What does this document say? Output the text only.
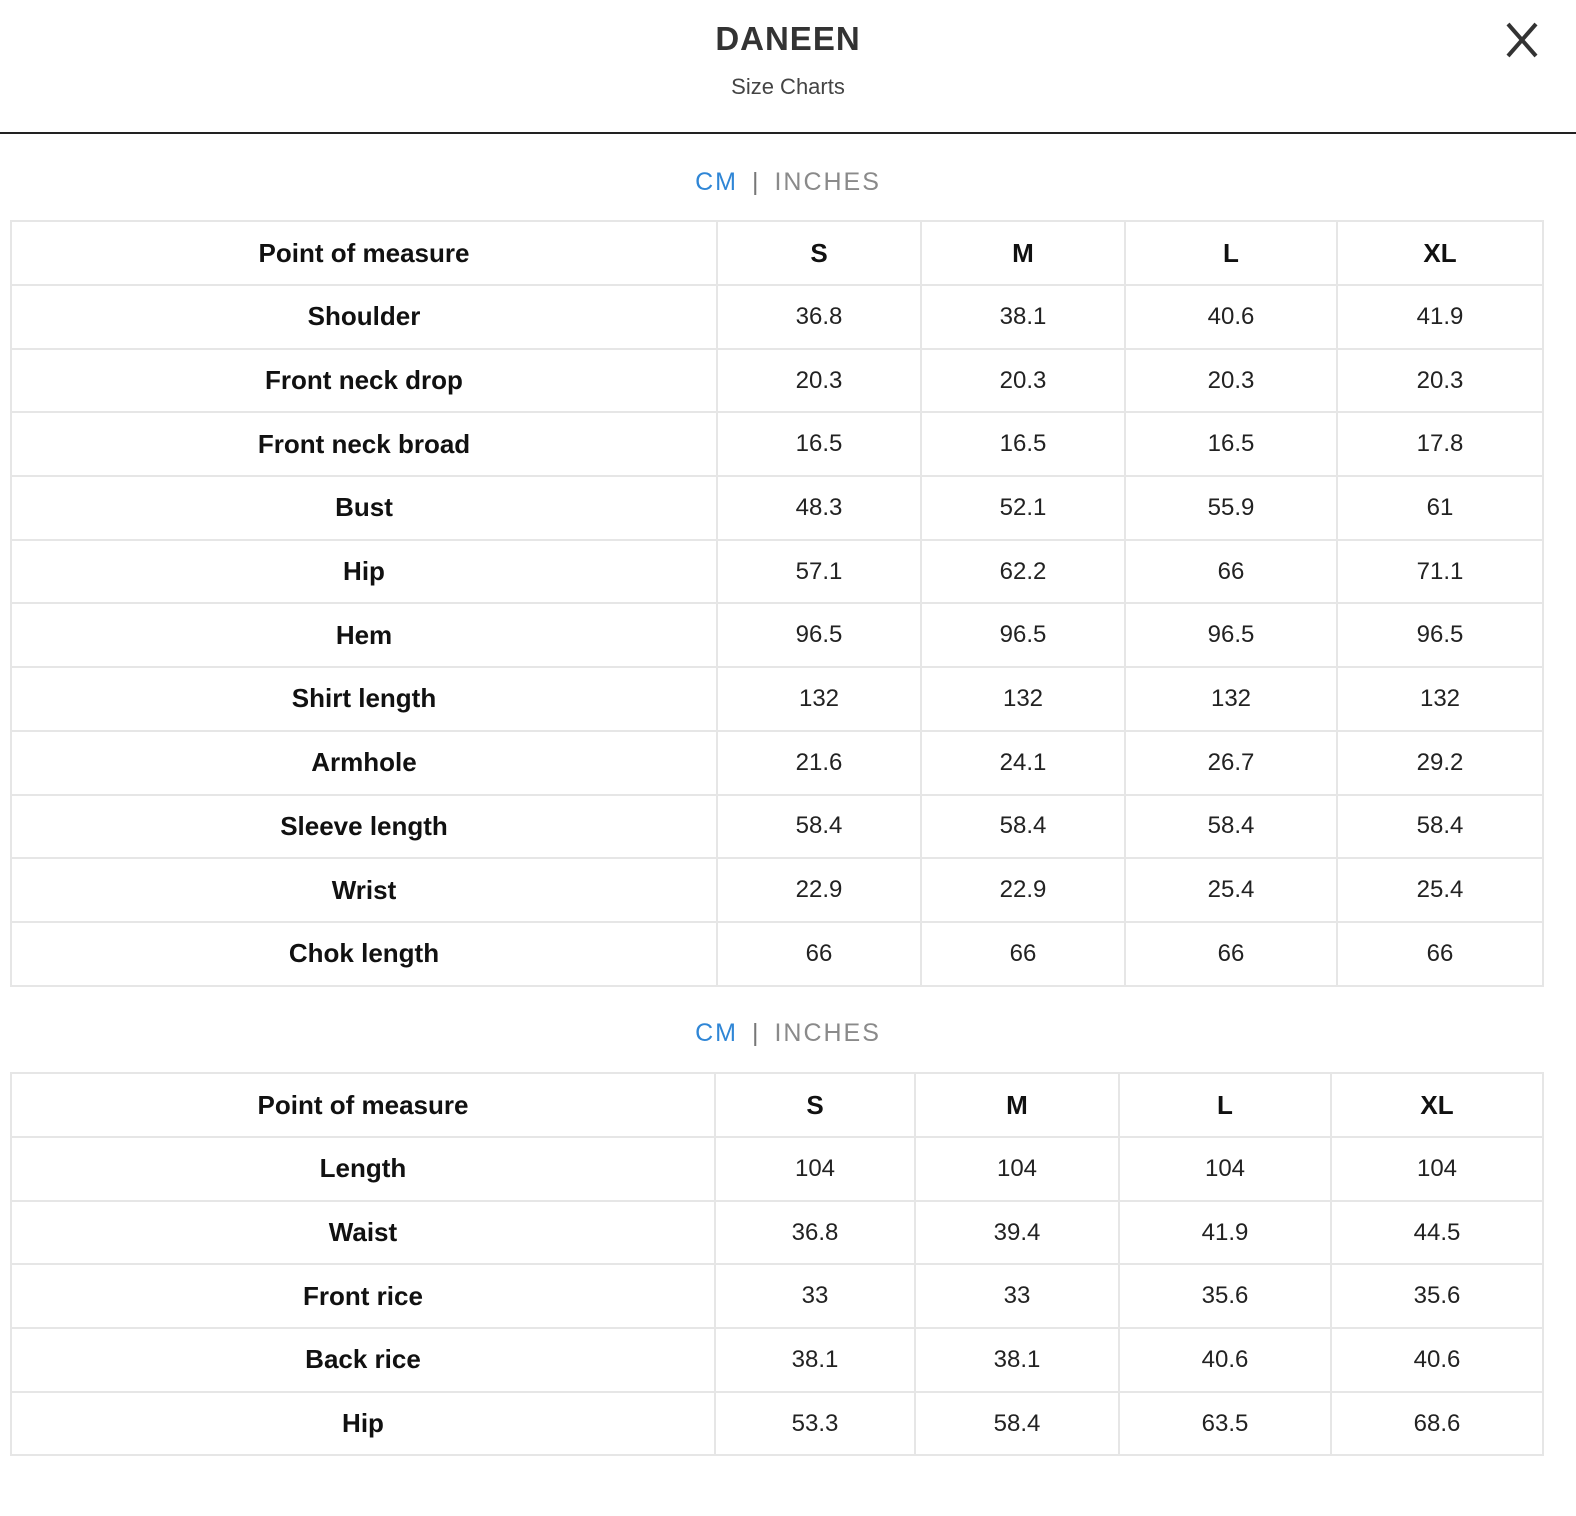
DANEEN
Size Charts
CM | INCHES
Point of measure	S	M	L	XL
Shoulder	36.8	38.1	40.6	41.9
Front neck drop	20.3	20.3	20.3	20.3
Front neck broad	16.5	16.5	16.5	17.8
Bust	48.3	52.1	55.9	61
Hip	57.1	62.2	66	71.1
Hem	96.5	96.5	96.5	96.5
Shirt length	132	132	132	132
Armhole	21.6	24.1	26.7	29.2
Sleeve length	58.4	58.4	58.4	58.4
Wrist	22.9	22.9	25.4	25.4
Chok length	66	66	66	66
CM | INCHES
Point of measure	S	M	L	XL
Length	104	104	104	104
Waist	36.8	39.4	41.9	44.5
Front rice	33	33	35.6	35.6
Back rice	38.1	38.1	40.6	40.6
Hip	53.3	58.4	63.5	68.6
